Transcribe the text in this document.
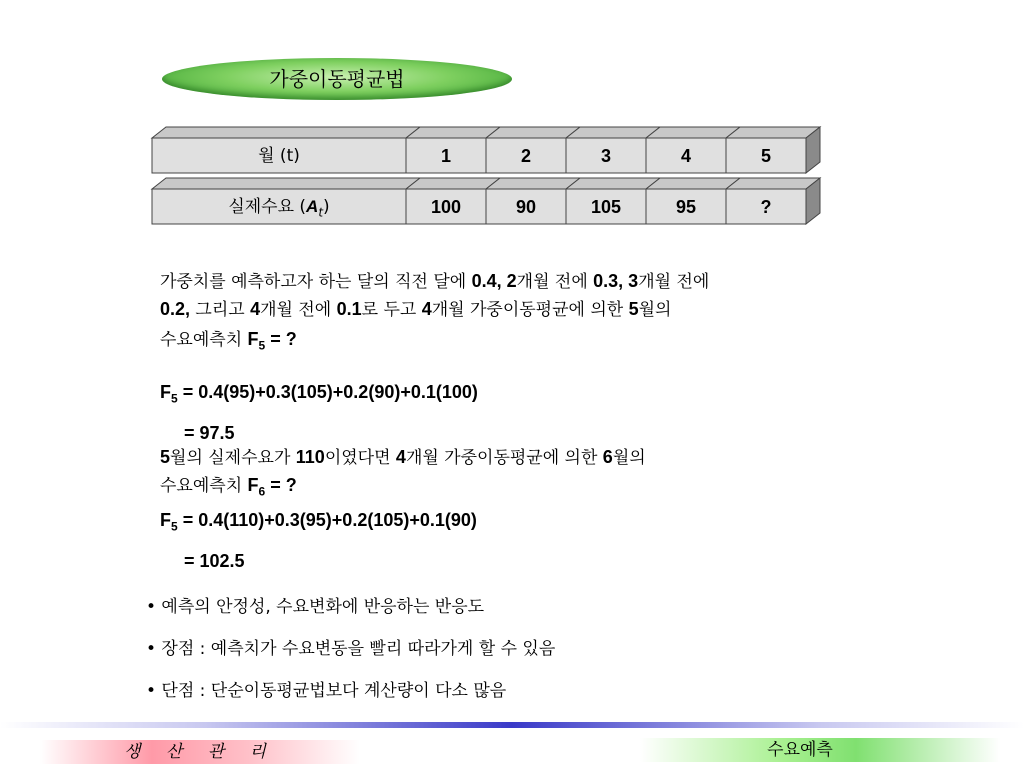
가중이동평균법
월 (t)	1	2	3	4	5
실제수요 $(A_t)$	100	90	105	95	?
가중치를 예측하고자 하는 달의 직전 달에 0.4, 2개월 전에 0.3, 3개월 전에
0.2, 그리고 4개월 전에 0.1로 두고 4개월 가중이동평균에 의한 5월의
수요예측치 $F_5$ = ?
$F_5 = 0.4(95)+0.3(105)+0.2(90)+0.1(100)$
= 97.5
5월의 실제수요가 110이였다면 4개월 가중이동평균에 의한 6월의
수요예측치 $F_6$ = ?
$F_5 = 0.4(110)+0.3(95)+0.2(105)+0.1(90)$
= 102.5
• 예측의 안정성, 수요변화에 반응하는 반응도
• 장점 : 예측치가 수요변동을 빨리 따라가게 할 수 있음
• 단점 : 단순이동평균법보다 계산량이 다소 많음
생 산 관 리	수요예측
